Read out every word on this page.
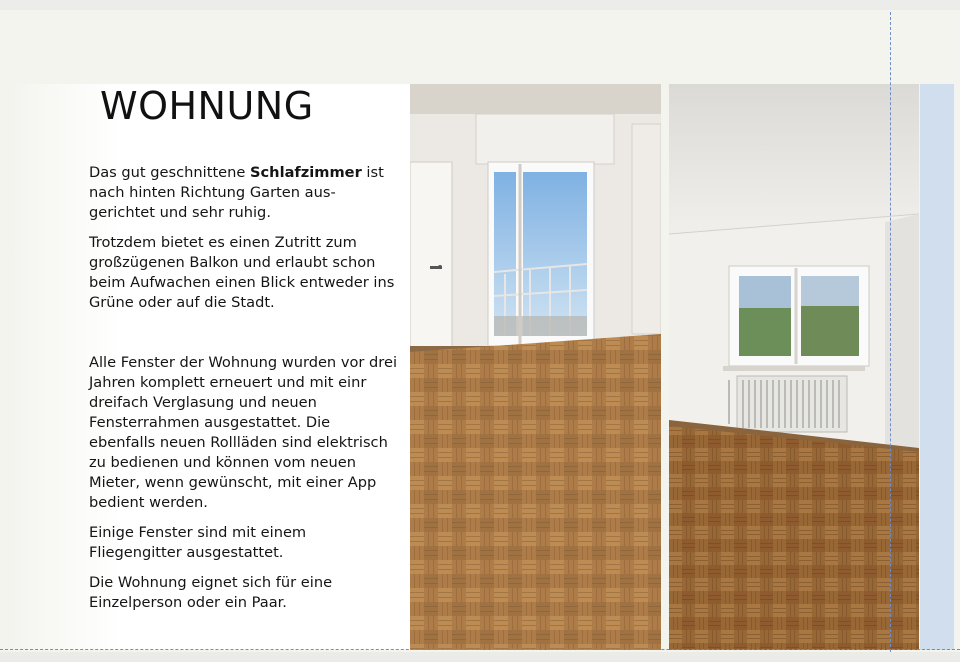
WOHNUNG

Das gut geschnittene Schlafzimmer ist nach hinten Richtung Garten aus-gerichtet und sehr ruhig.

Trotzdem bietet es einen Zutritt zum großzügenen Balkon und erlaubt schon beim Aufwachen einen Blick entweder ins Grüne oder auf die Stadt.

Alle Fenster der Wohnung wurden vor drei Jahren komplett erneuert und mit einr dreifach Verglasung und neuen Fensterrahmen ausgestattet. Die ebenfalls neuen Rollläden sind elektrisch zu bedienen und können vom neuen Mieter, wenn gewünscht, mit einer App bedient werden.

Einige Fenster sind mit einem Fliegengitter ausgestattet.

Die Wohnung eignet sich für eine Einzelperson oder ein Paar.
